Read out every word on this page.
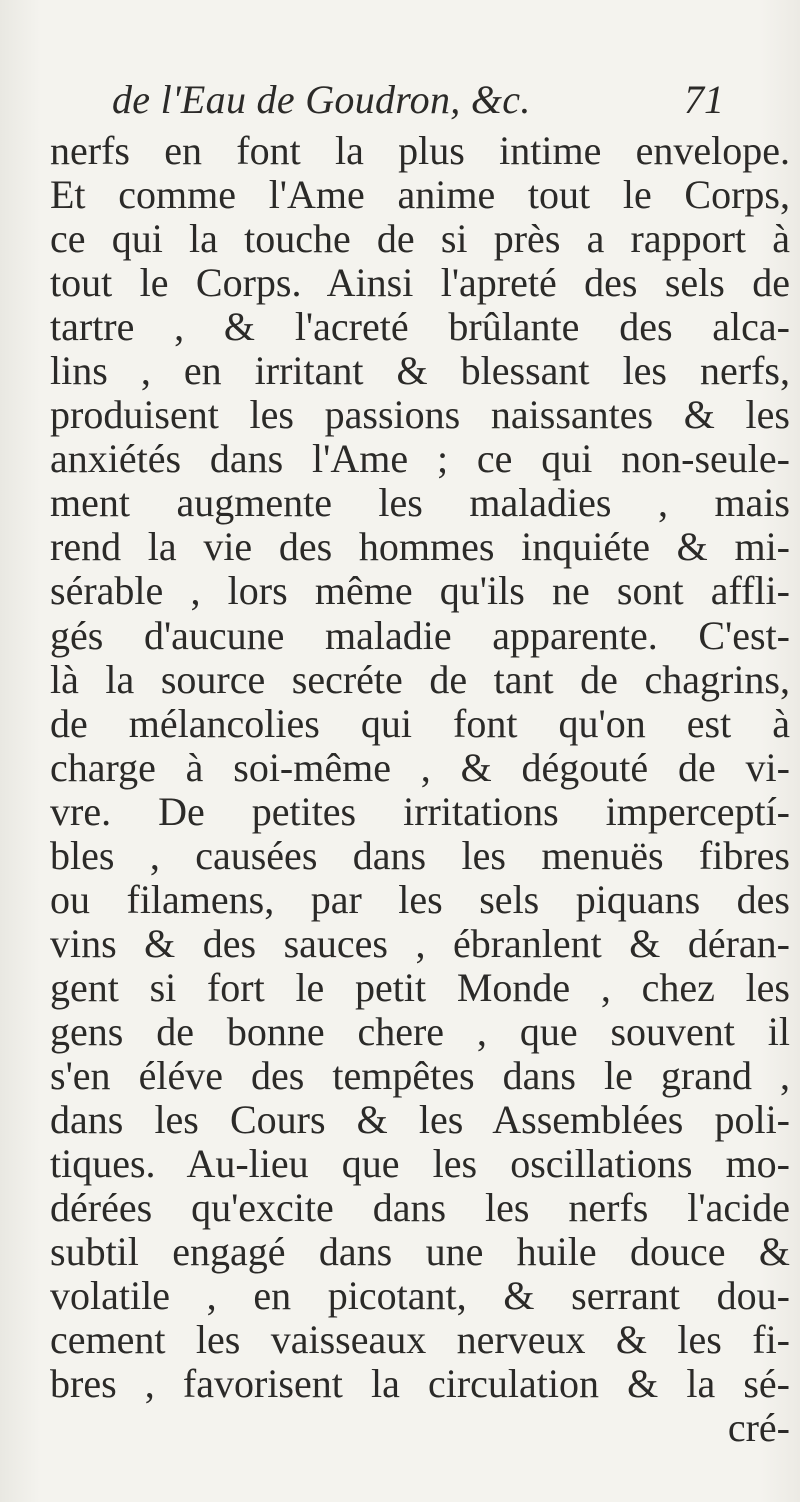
de l'Eau de Goudron, &c.	71
nerfs en font la plus intime envelope.
Et comme l'Ame anime tout le Corps,
ce qui la touche de si près a rapport à
tout le Corps. Ainsi l'apreté des sels de
tartre , & l'acreté brûlante des alca-
lins , en irritant & blessant les nerfs,
produisent les passions naissantes & les
anxiétés dans l'Ame ; ce qui non-seule-
ment augmente les maladies , mais
rend la vie des hommes inquiéte & mi-
sérable , lors même qu'ils ne sont affli-
gés d'aucune maladie apparente. C'est-
là la source secréte de tant de chagrins,
de mélancolies qui font qu'on est à
charge à soi-même , & dégouté de vi-
vre. De petites irritations imperceptí-
bles , causées dans les menuës fibres
ou filamens, par les sels piquans des
vins & des sauces , ébranlent & déran-
gent si fort le petit Monde , chez les
gens de bonne chere , que souvent il
s'en éléve des tempêtes dans le grand ,
dans les Cours & les Assemblées poli-
tiques. Au-lieu que les oscillations mo-
dérées qu'excite dans les nerfs l'acide
subtil engagé dans une huile douce &
volatile , en picotant, & serrant dou-
cement les vaisseaux nerveux & les fi-
bres , favorisent la circulation & la sé-
cré-
